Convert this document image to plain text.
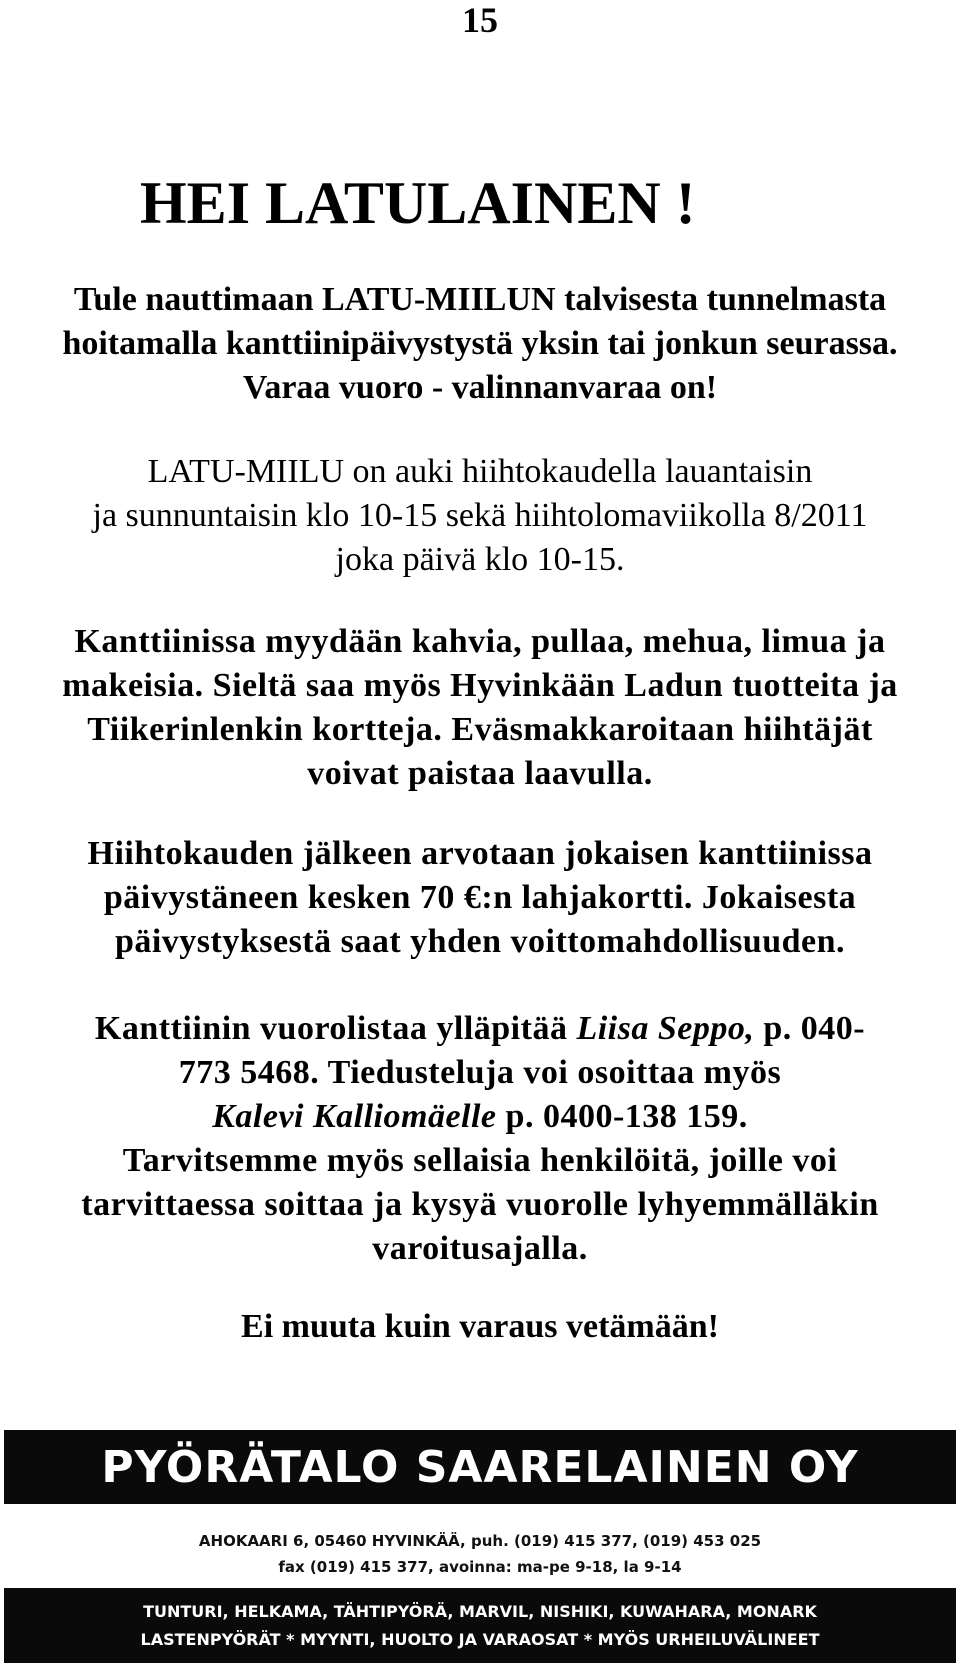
15
HEI LATULAINEN !
Tule nauttimaan LATU-MIILUN talvisesta tunnelmasta
hoitamalla kanttiinipäivystystä yksin tai jonkun seurassa.
Varaa vuoro - valinnanvaraa on!
LATU-MIILU on auki hiihtokaudella lauantaisin
ja sunnuntaisin klo 10-15 sekä hiihtolomaviikolla 8/2011
joka päivä klo 10-15.
Kanttiinissa myydään kahvia, pullaa, mehua, limua ja
makeisia. Sieltä saa myös Hyvinkään Ladun tuotteita ja
Tiikerinlenkin kortteja. Eväsmakkaroitaan hiihtäjät
voivat paistaa laavulla.
Hiihtokauden jälkeen arvotaan jokaisen kanttiinissa
päivystäneen kesken 70 €:n lahjakortti. Jokaisesta
päivystyksestä saat yhden voittomahdollisuuden.
Kanttiinin vuorolistaa ylläpitää Liisa Seppo, p. 040-
773 5468. Tiedusteluja voi osoittaa myös
Kalevi Kalliomäelle p. 0400-138 159.
Tarvitsemme myös sellaisia henkilöitä, joille voi
tarvittaessa soittaa ja kysyä vuorolle lyhyemmälläkin
varoitusajalla.
Ei muuta kuin varaus vetämään!
PYÖRÄTALO SAARELAINEN OY
AHOKAARI 6, 05460 HYVINKÄÄ, puh. (019) 415 377, (019) 453 025
fax (019) 415 377, avoinna: ma-pe 9-18, la 9-14
TUNTURI, HELKAMA, TÄHTIPYÖRÄ, MARVIL, NISHIKI, KUWAHARA, MONARK
LASTENPYÖRÄT * MYYNTI, HUOLTO JA VARAOSAT * MYÖS URHEILUVÄLINEET
